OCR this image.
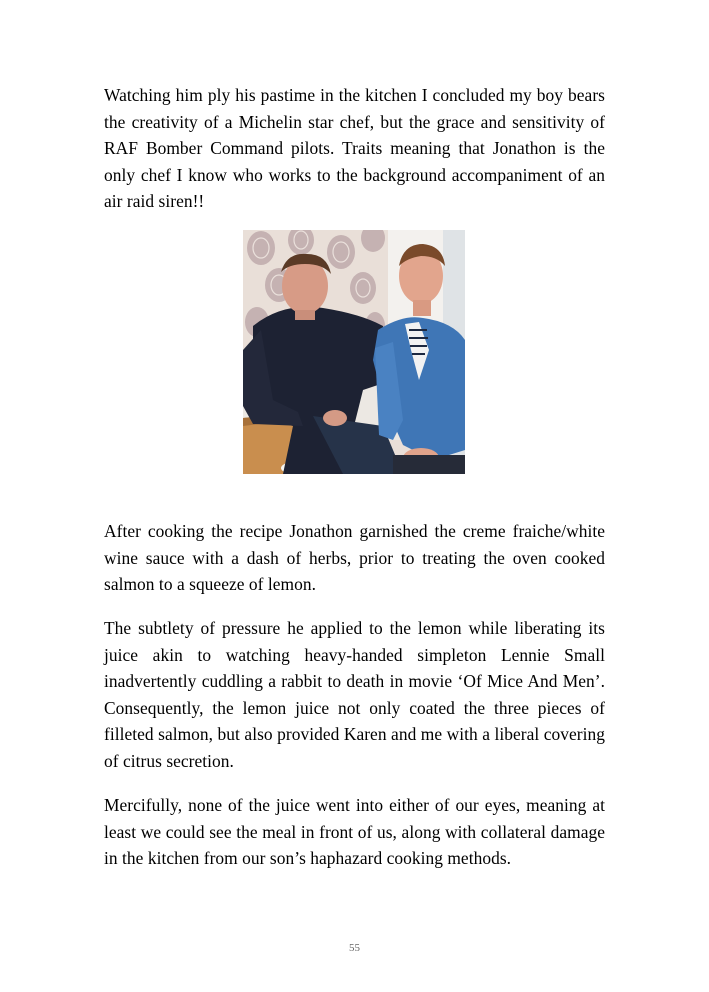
Watching him ply his pastime in the kitchen I concluded my boy bears the creativity of a Michelin star chef, but the grace and sensitivity of RAF Bomber Command pilots. Traits meaning that Jonathon is the only chef I know who works to the background accompaniment of an air raid siren!!

After cooking the recipe Jonathon garnished the creme fraiche/white wine sauce with a dash of herbs, prior to treating the oven cooked salmon to a squeeze of lemon.

The subtlety of pressure he applied to the lemon while liberating its juice akin to watching heavy-handed simpleton Lennie Small inadvertently cuddling a rabbit to death in movie ‘Of Mice And Men’. Consequently, the lemon juice not only coated the three pieces of filleted salmon, but also provided Karen and me with a liberal covering of citrus secretion.

Mercifully, none of the juice went into either of our eyes, meaning at least we could see the meal in front of us, along with collateral damage in the kitchen from our son’s haphazard cooking methods.

55
